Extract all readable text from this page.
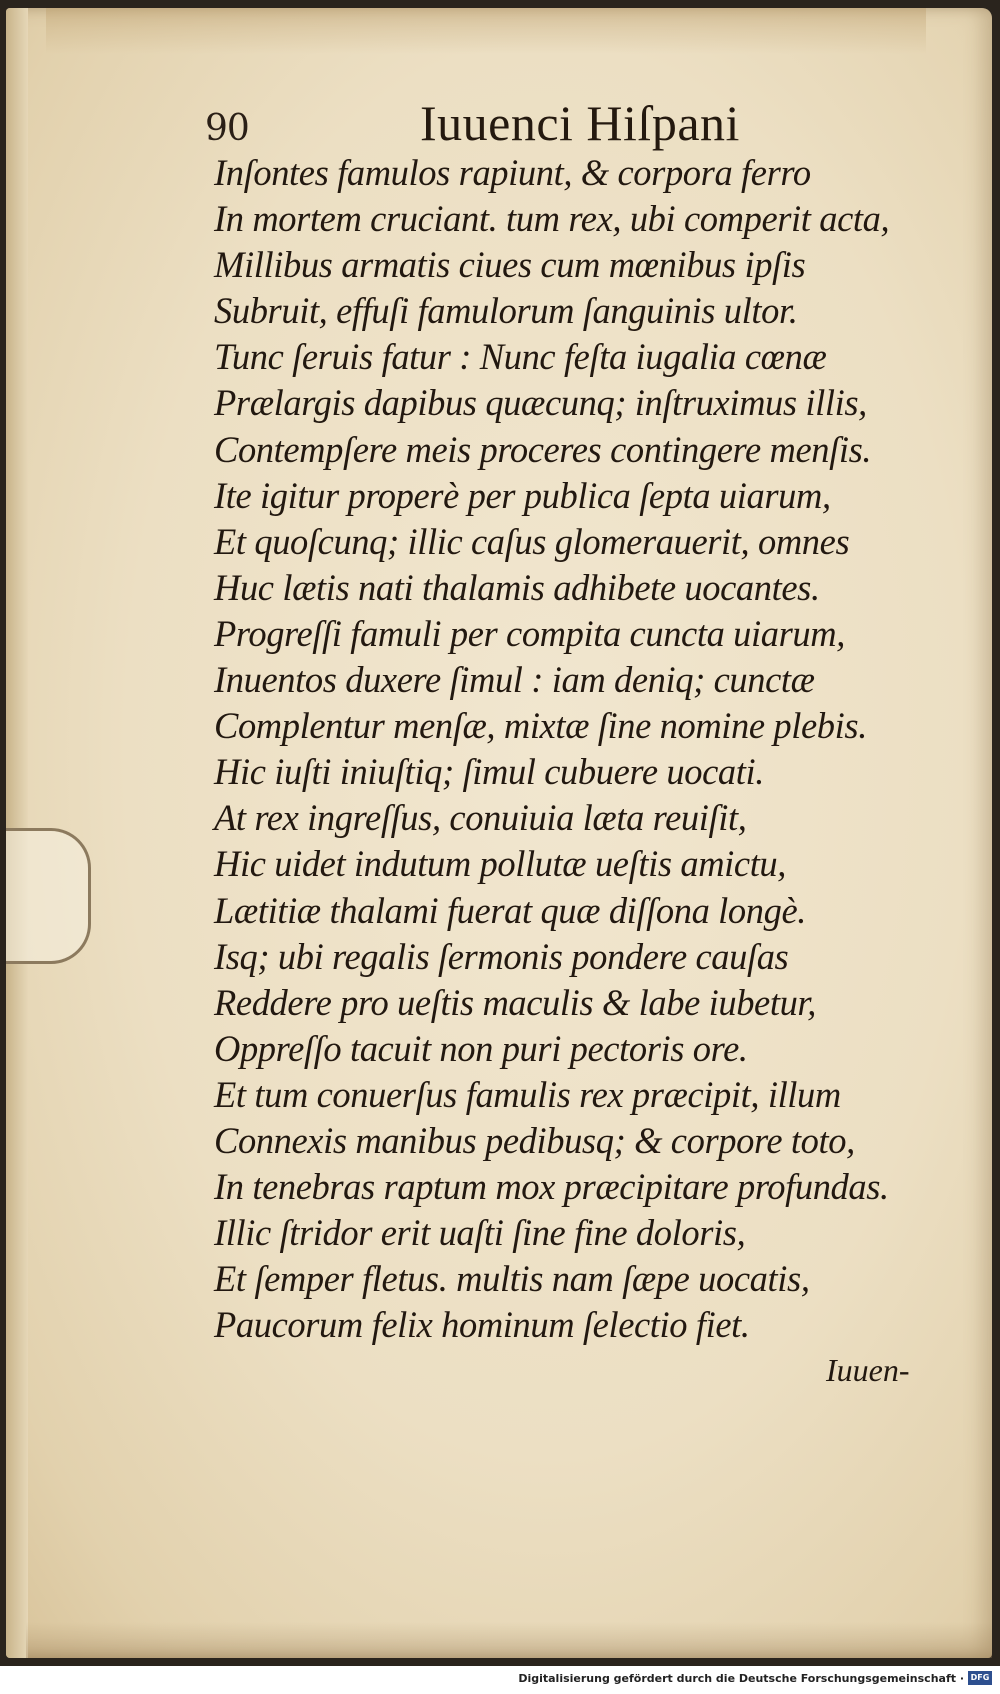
90	Iuuenci Hiſpani
Inſontes famulos rapiunt, & corpora ferro
In mortem cruciant. tum rex, ubi comperit acta,
Millibus armatis ciues cum mœnibus ipſis
Subruit, effuſi famulorum ſanguinis ultor.
Tunc ſeruis fatur : Nunc feſta iugalia cœnæ
Prælargis dapibus quæcunq; inſtruximus illis,
Contempſere meis proceres contingere menſis.
Ite igitur properè per publica ſepta uiarum,
Et quoſcunq; illic caſus glomerauerit, omnes
Huc lætis nati thalamis adhibete uocantes.
Progreſſi famuli per compita cuncta uiarum,
Inuentos duxere ſimul : iam deniq; cunctæ
Complentur menſæ, mixtæ ſine nomine plebis.
Hic iuſti iniuſtiq; ſimul cubuere uocati.
At rex ingreſſus, conuiuia læta reuiſit,
Hic uidet indutum pollutæ ueſtis amictu,
Lætitiæ thalami fuerat quæ diſſona longè.
Isq; ubi regalis ſermonis pondere cauſas
Reddere pro ueſtis maculis & labe iubetur,
Oppreſſo tacuit non puri pectoris ore.
Et tum conuerſus famulis rex præcipit, illum
Connexis manibus pedibusq; & corpore toto,
In tenebras raptum mox præcipitare profundas.
Illic ſtridor erit uaſti ſine fine doloris,
Et ſemper fletus. multis nam ſæpe uocatis,
Paucorum felix hominum ſelectio fiet.
Iuuen-
Digitalisierung gefördert durch die Deutsche Forschungsgemeinschaft · DFG
